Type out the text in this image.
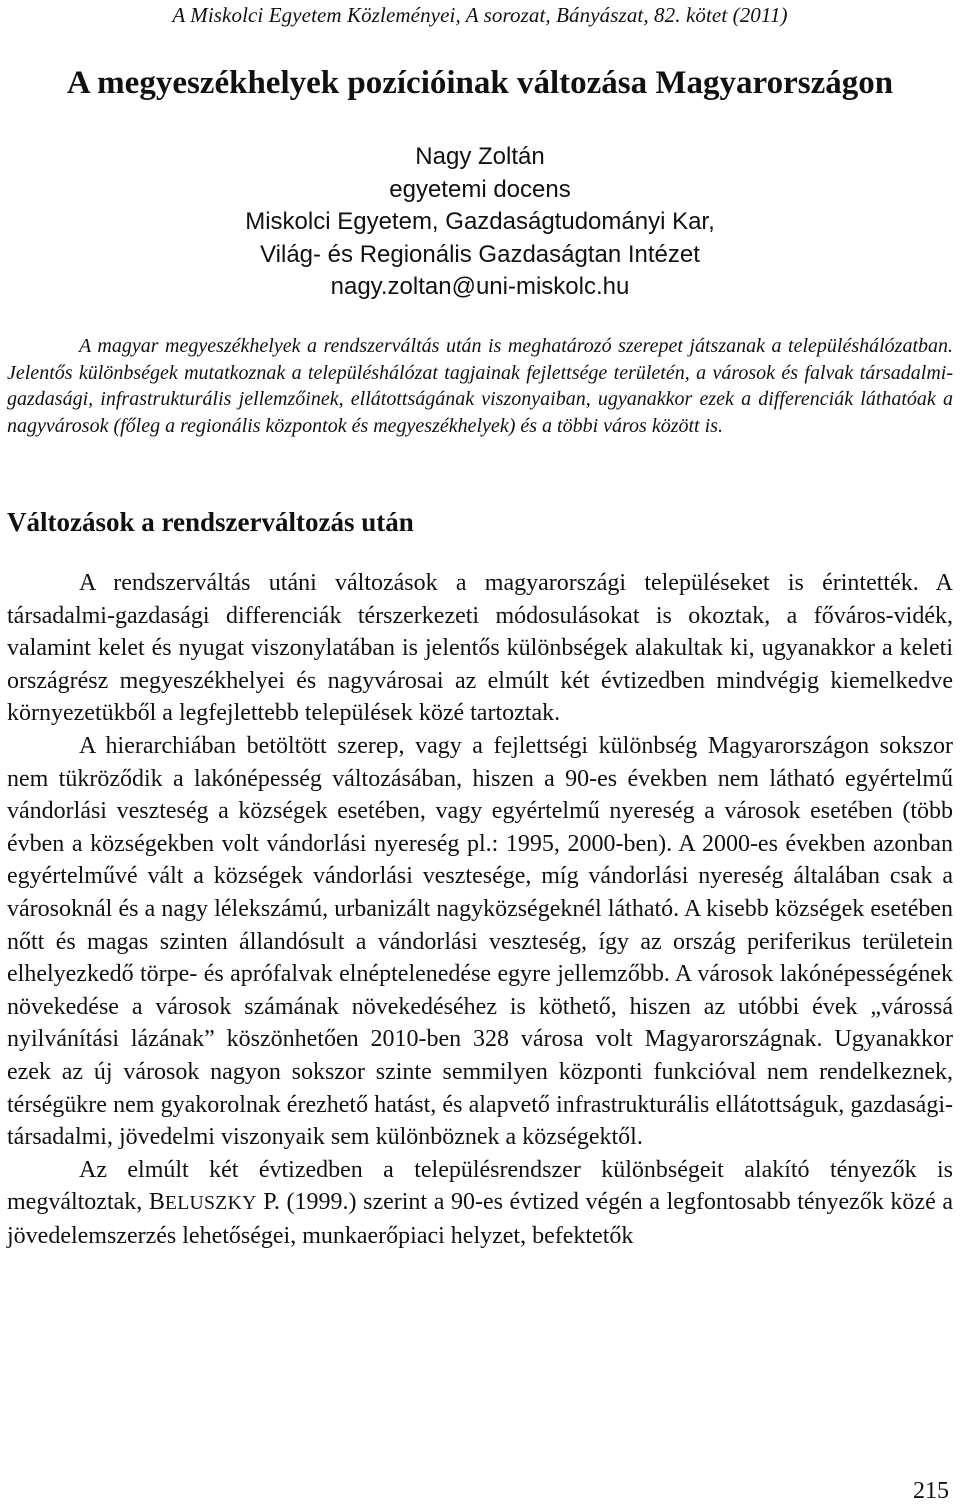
A Miskolci Egyetem Közleményei, A sorozat, Bányászat, 82. kötet (2011)
A megyeszékhelyek pozícióinak változása Magyarországon
Nagy Zoltán
egyetemi docens
Miskolci Egyetem, Gazdaságtudományi Kar,
Világ- és Regionális Gazdaságtan Intézet
nagy.zoltan@uni-miskolc.hu

A magyar megyeszékhelyek a rendszerváltás után is meghatározó szerepet játszanak a településhálózatban. Jelentős különbségek mutatkoznak a településhálózat tagjainak fejlettsége területén, a városok és falvak társadalmi-gazdasági, infrastrukturális jellemzőinek, ellátottságának viszonyaiban, ugyanakkor ezek a differenciák láthatóak a nagyvárosok (főleg a regionális központok és megyeszékhelyek) és a többi város között is.

Változások a rendszerváltozás után

A rendszerváltás utáni változások a magyarországi településeket is érintették. A társadalmi-gazdasági differenciák térszerkezeti módosulásokat is okoztak, a főváros-vidék, valamint kelet és nyugat viszonylatában is jelentős különbségek alakultak ki, ugyanakkor a keleti országrész megyeszékhelyei és nagyvárosai az elmúlt két évtizedben mindvégig kiemelkedve környezetükből a legfejlettebb települések közé tartoztak.

A hierarchiában betöltött szerep, vagy a fejlettségi különbség Magyarországon sokszor nem tükröződik a lakónépesség változásában, hiszen a 90-es években nem látható egyértelmű vándorlási veszteség a községek esetében, vagy egyértelmű nyereség a városok esetében (több évben a községekben volt vándorlási nyereség pl.: 1995, 2000-ben). A 2000-es években azonban egyértelművé vált a községek vándorlási vesztesége, míg vándorlási nyereség általában csak a városoknál és a nagy lélekszámú, urbanizált nagyközségeknél látható. A kisebb községek esetében nőtt és magas szinten állandósult a vándorlási veszteség, így az ország periferikus területein elhelyezkedő törpe- és aprófalvak elnéptelenedése egyre jellemzőbb. A városok lakónépességének növekedése a városok számának növekedéséhez is köthető, hiszen az utóbbi évek „várossá nyilvánítási lázának” köszönhetően 2010-ben 328 városa volt Magyarországnak. Ugyanakkor ezek az új városok nagyon sokszor szinte semmilyen központi funkcióval nem rendelkeznek, térségükre nem gyakorolnak érezhető hatást, és alapvető infrastrukturális ellátottságuk, gazdasági-társadalmi, jövedelmi viszonyaik sem különböznek a községektől.

Az elmúlt két évtizedben a településrendszer különbségeit alakító tényezők is megváltoztak, BELUSZKY P. (1999.) szerint a 90-es évtized végén a legfontosabb tényezők közé a jövedelemszerzés lehetőségei, munkaerőpiaci helyzet, befektetők

215
